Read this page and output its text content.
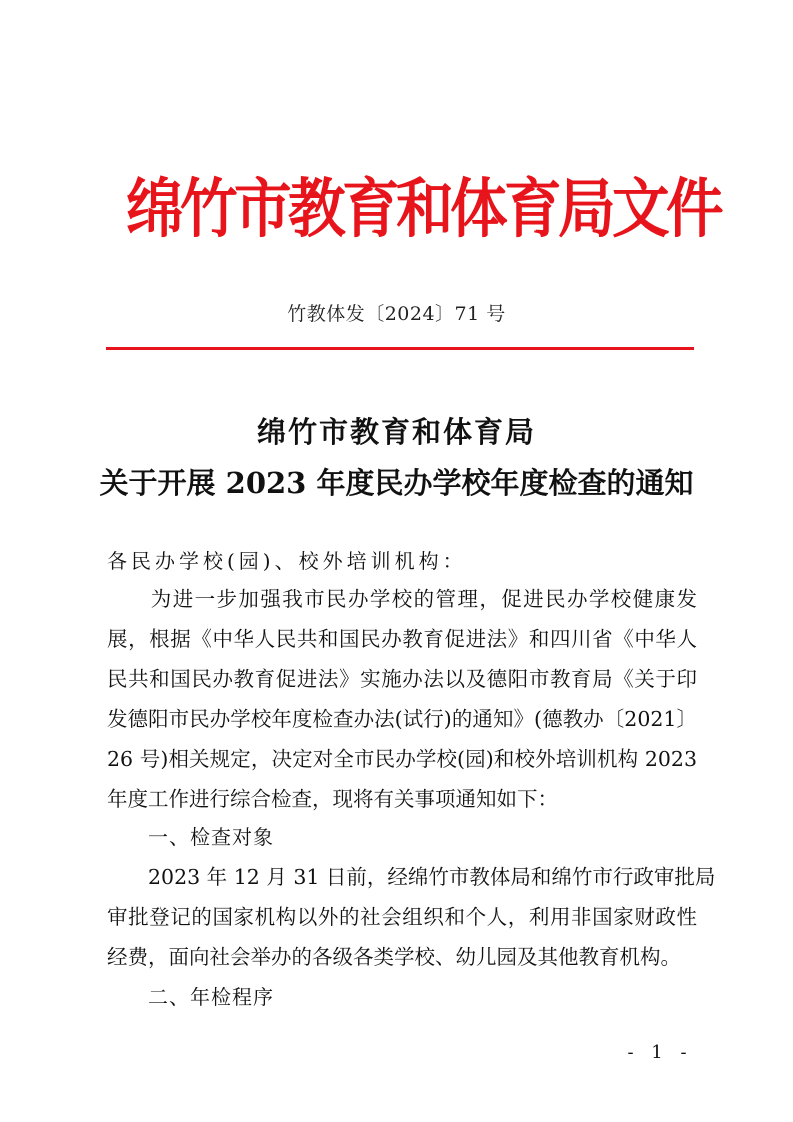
绵竹市教育和体育局文件
竹教体发〔2024〕71 号
绵竹市教育和体育局
关于开展 2023 年度民办学校年度检查的通知
各民办学校(园)、校外培训机构：
　　为进一步加强我市民办学校的管理，促进民办学校健康发
展，根据《中华人民共和国民办教育促进法》和四川省《中华人
民共和国民办教育促进法》实施办法以及德阳市教育局《关于印
发德阳市民办学校年度检查办法(试行)的通知》(德教办〔2021〕
26 号)相关规定，决定对全市民办学校(园)和校外培训机构 2023
年度工作进行综合检查，现将有关事项通知如下：
一、检查对象
　　2023 年 12 月 31 日前，经绵竹市教体局和绵竹市行政审批局
审批登记的国家机构以外的社会组织和个人，利用非国家财政性
经费，面向社会举办的各级各类学校、幼儿园及其他教育机构。
二、年检程序
- 1 -
